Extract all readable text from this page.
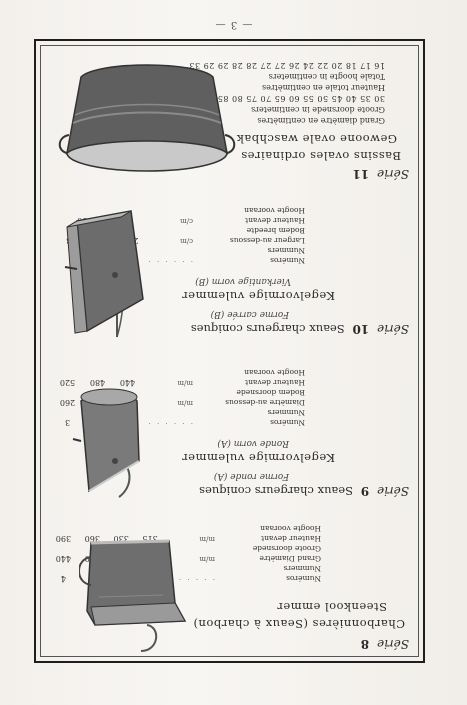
Série 8
Charbonnières (Seaux à charbon)
Steenkool emmer
Numéros	· · · · · ·	1	2	3	4
Nummers					
Grand Diamètre	m/m	305	415	430	440
Groote doorsnede					
Hauteur devant	m/m	315	330	360	390
Hoogte vooraan					
Série 9 Seaux chargeurs coniques
Forme ronde (A)
Kegelvormige vulemmer
Ronde vorm (A)
Numéros	· · · · · ·	1	2	3
Nummers				
Diamètre au-dessous	m/m	220	240	260
Bodem doorsnede				
Hauteur devant	m/m	440	480	520
Hoogte vooraan				
Série 10 Seaux chargeurs coniques
Forme carrée (B)
Kegelvormige vulemmer
Vierkantige vorm (B)
Numéros	· · · · · ·	1	2
Nummers			
Largeur au-dessous	c/m	21 × 21	23 × 23
Bodem breedte			
Hauteur devant	c/m	46	50
Hoogte vooraan			
Série 11
Bassins ovales ordinaires
Gewoone ovale waschbak
Grand diamètre en centimètres
Groote doorsnede in centimeters
30 35 40 45 50 55 60 65 70 75 80 85 90 100
Hauteur totale en centimètres
Totale hoogte in centimeters
16 17 18 20 22 24 26 27 27 28 28 29 29 33
— 3 —
